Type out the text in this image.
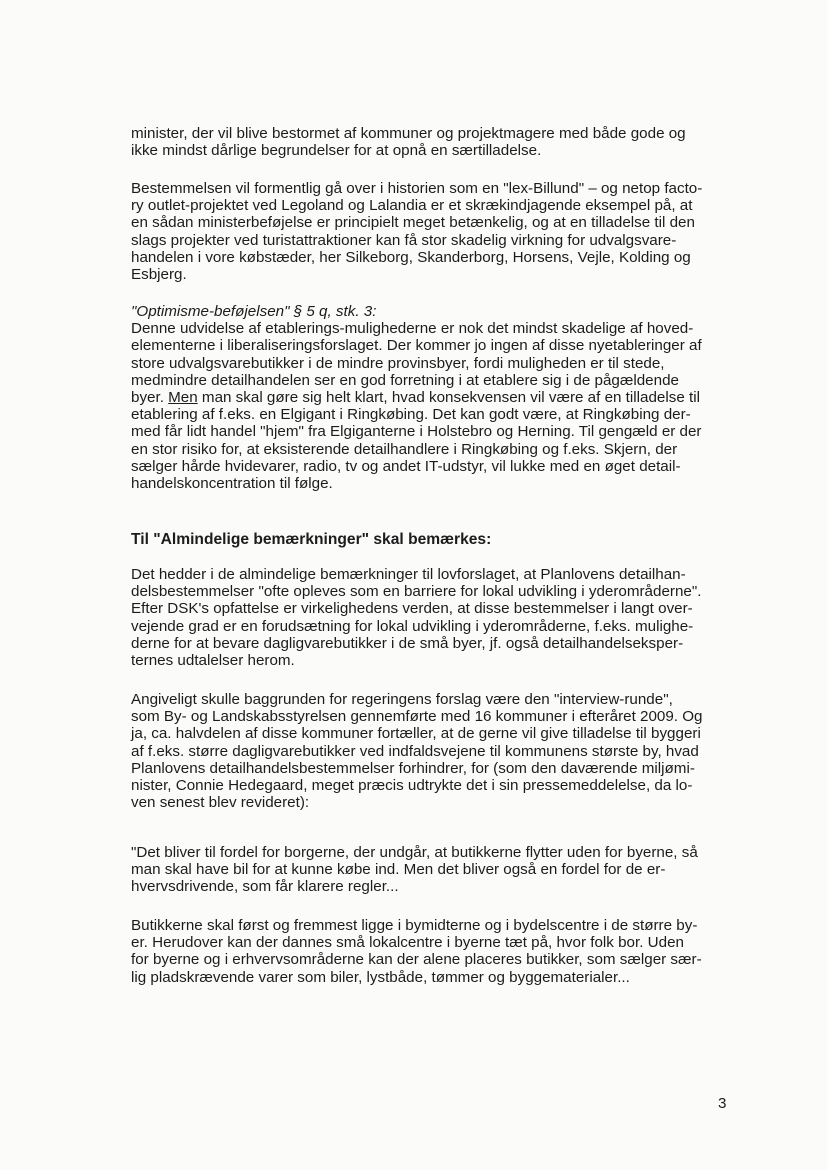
minister, der vil blive bestormet af kommuner og projektmagere med både gode og
ikke mindst dårlige begrundelser for at opnå en særtilladelse.
Bestemmelsen vil formentlig gå over i historien som en "lex-Billund" – og netop facto-
ry outlet-projektet ved Legoland og Lalandia er et skrækindjagende eksempel på, at
en sådan ministerbeføjelse er principielt meget betænkelig, og at en tilladelse til den
slags projekter ved turistattraktioner kan få stor skadelig virkning for udvalgsvare-
handelen i vore købstæder, her Silkeborg, Skanderborg, Horsens, Vejle, Kolding og
Esbjerg.
"Optimisme-beføjelsen" § 5 q, stk. 3:
Denne udvidelse af etablerings-mulighederne er nok det mindst skadelige af hoved-
elementerne i liberaliseringsforslaget. Der kommer jo ingen af disse nyetableringer af
store udvalgsvarebutikker i de mindre provinsbyer, fordi muligheden er til stede,
medmindre detailhandelen ser en god forretning i at etablere sig i de pågældende
byer. Men man skal gøre sig helt klart, hvad konsekvensen vil være af en tilladelse til
etablering af f.eks. en Elgigant i Ringkøbing. Det kan godt være, at Ringkøbing der-
med får lidt handel "hjem" fra Elgiganterne i Holstebro og Herning. Til gengæld er der
en stor risiko for, at eksisterende detailhandlere i Ringkøbing og f.eks. Skjern, der
sælger hårde hvidevarer, radio, tv og andet IT-udstyr, vil lukke med en øget detail-
handelskoncentration til følge.
Til "Almindelige bemærkninger" skal bemærkes:
Det hedder i de almindelige bemærkninger til lovforslaget, at Planlovens detailhan-
delsbestemmelser "ofte opleves som en barriere for lokal udvikling i yderområderne".
Efter DSK's opfattelse er virkelighedens verden, at disse bestemmelser i langt over-
vejende grad er en forudsætning for lokal udvikling i yderområderne, f.eks. mulighe-
derne for at bevare dagligvarebutikker i de små byer, jf. også detailhandelseksper-
ternes udtalelser herom.
Angiveligt skulle baggrunden for regeringens forslag være den "interview-runde",
som By- og Landskabsstyrelsen gennemførte med 16 kommuner i efteråret 2009. Og
ja, ca. halvdelen af disse kommuner fortæller, at de gerne vil give tilladelse til byggeri
af f.eks. større dagligvarebutikker ved indfaldsvejene til kommunens største by, hvad
Planlovens detailhandelsbestemmelser forhindrer, for (som den daværende miljømi-
nister, Connie Hedegaard, meget præcis udtrykte det i sin pressemeddelelse, da lo-
ven senest blev revideret):
"Det bliver til fordel for borgerne, der undgår, at butikkerne flytter uden for byerne, så
man skal have bil for at kunne købe ind. Men det bliver også en fordel for de er-
hvervsdrivende, som får klarere regler...
Butikkerne skal først og fremmest ligge i bymidterne og i bydelscentre i de større by-
er. Herudover kan der dannes små lokalcentre i byerne tæt på, hvor folk bor. Uden
for byerne og i erhvervsområderne kan der alene placeres butikker, som sælger sær-
lig pladskrævende varer som biler, lystbåde, tømmer og byggematerialer...
3
